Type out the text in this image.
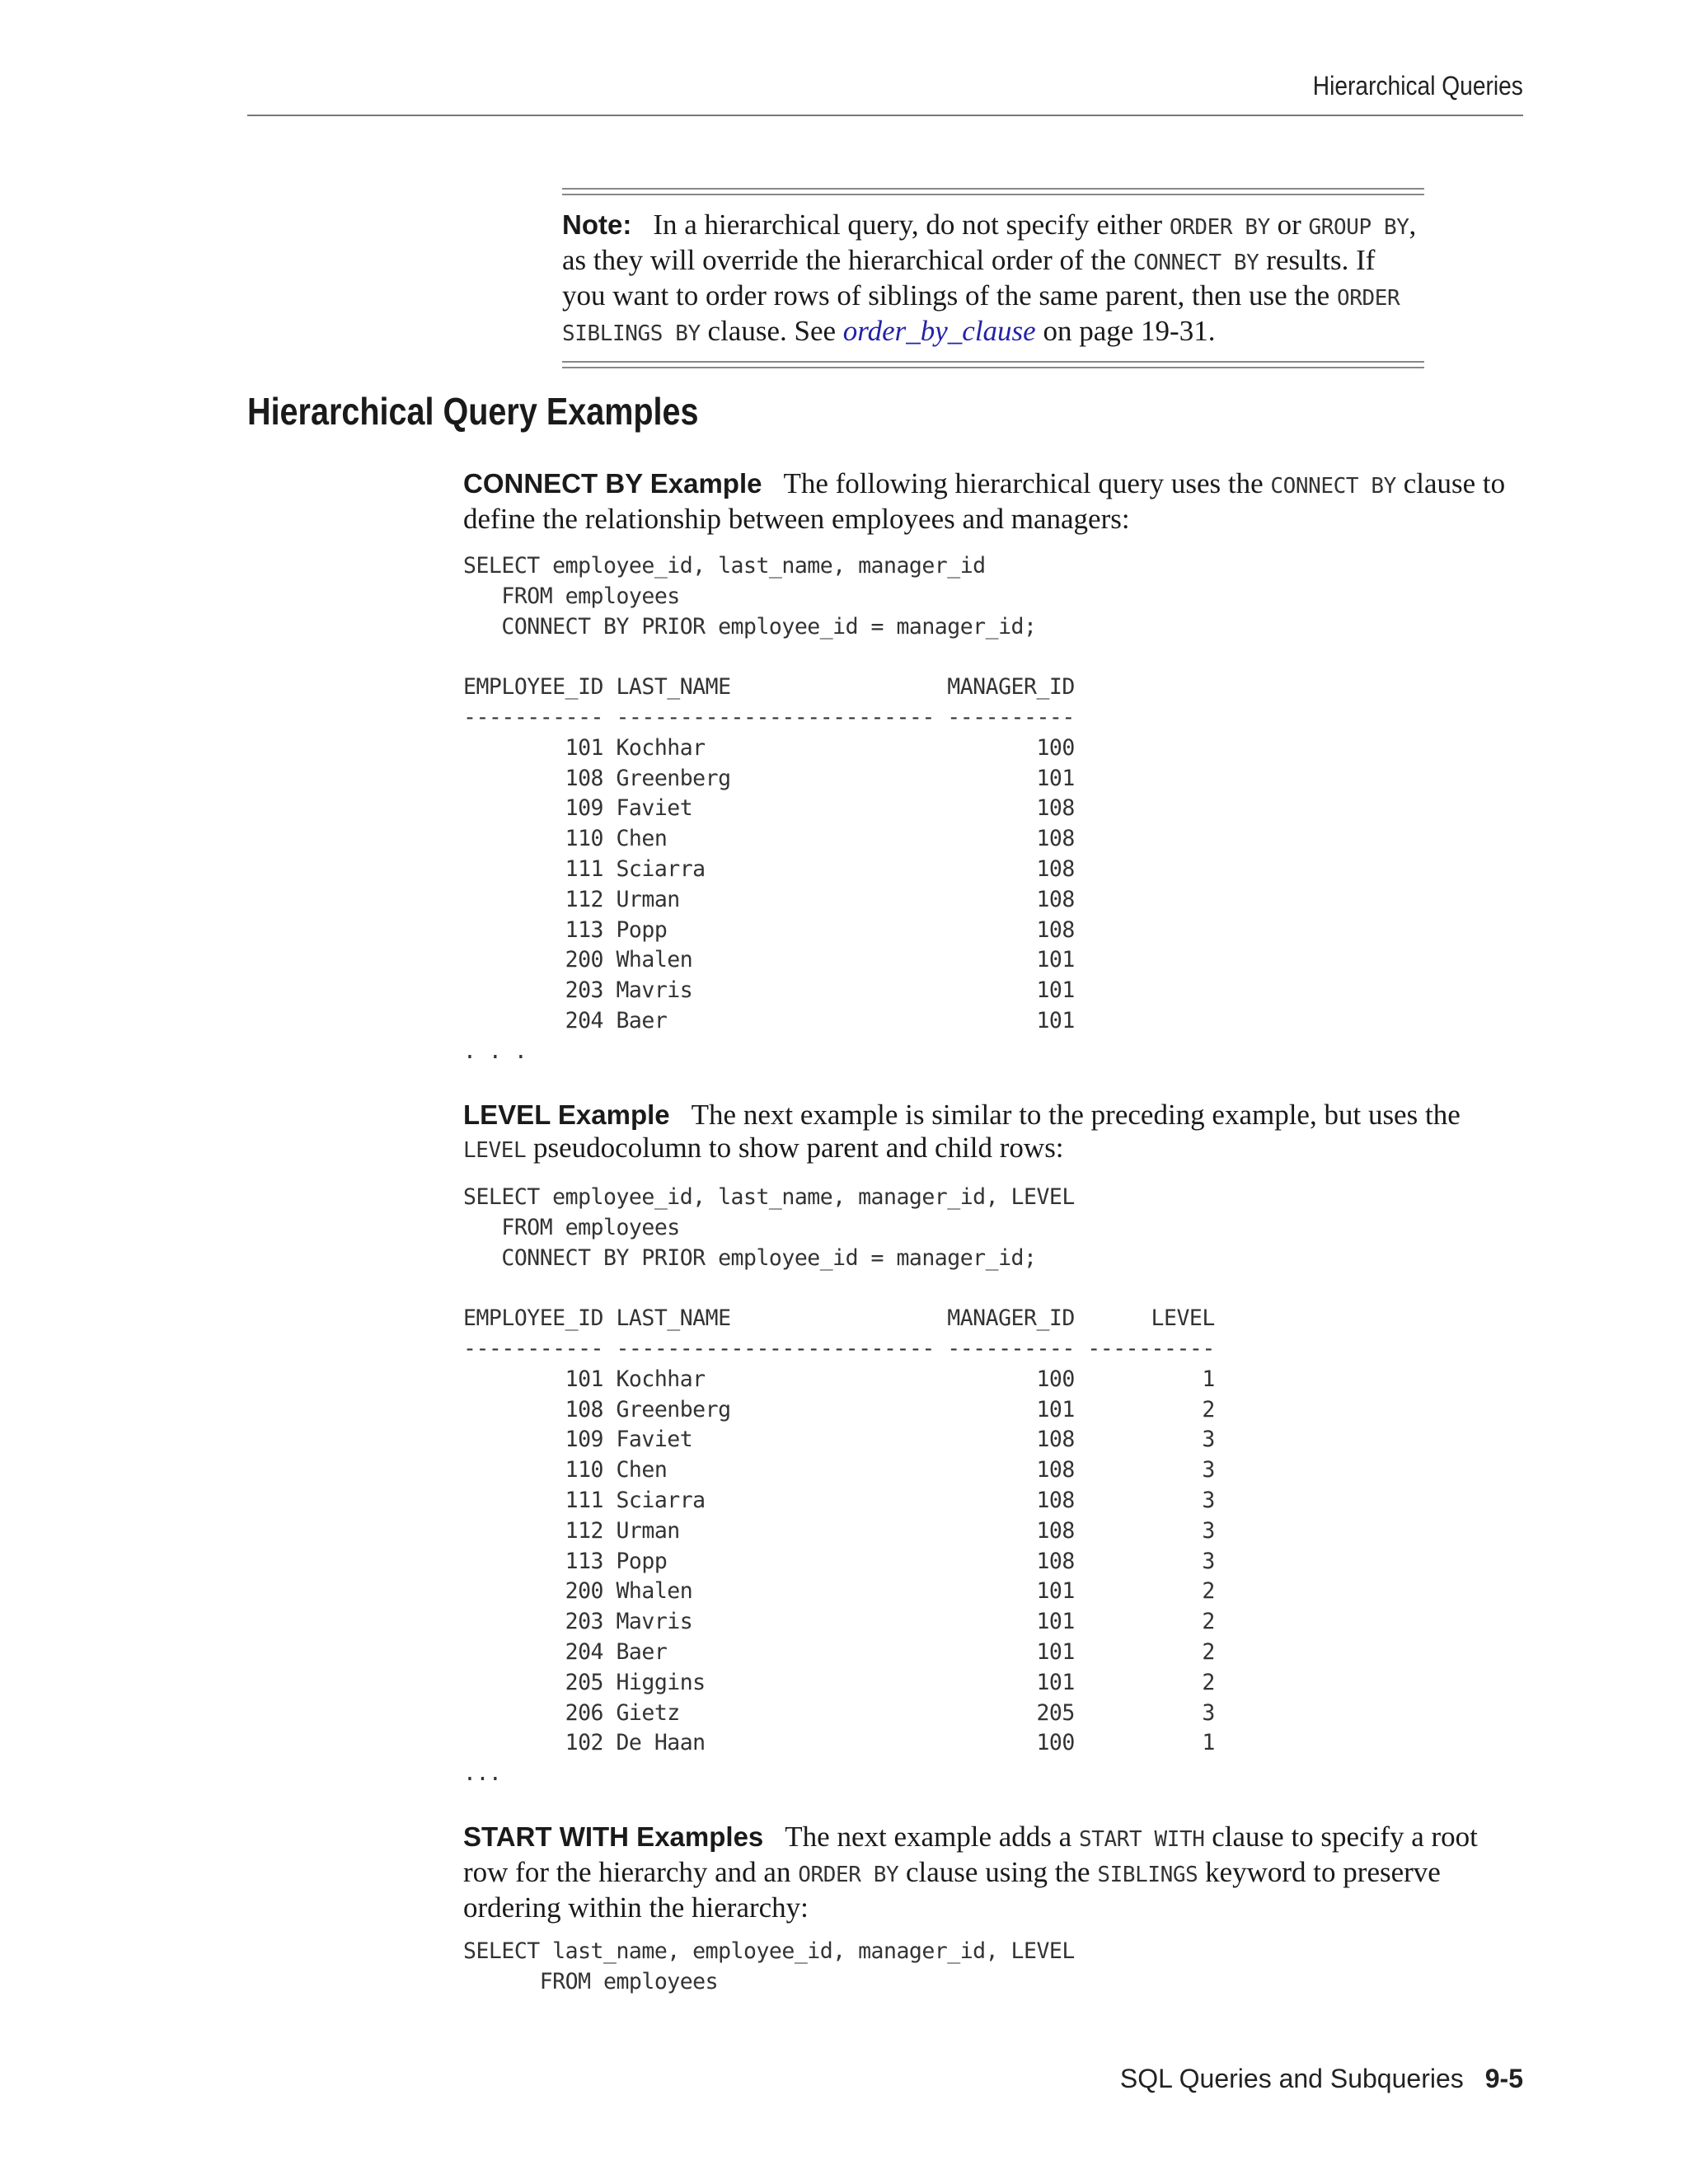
Hierarchical Queries
Note: In a hierarchical query, do not specify either ORDER BY or GROUP BY, as they will override the hierarchical order of the CONNECT BY results. If you want to order rows of siblings of the same parent, then use the ORDER SIBLINGS BY clause. See order_by_clause on page 19-31.
Hierarchical Query Examples
CONNECT BY Example The following hierarchical query uses the CONNECT BY clause to define the relationship between employees and managers:
SELECT employee_id, last_name, manager_id
FROM employees
CONNECT BY PRIOR employee_id = manager_id;

EMPLOYEE_ID LAST_NAME                 MANAGER_ID
----------- ------------------------- ----------
101 Kochhar                          100
108 Greenberg                        101
109 Faviet                           108
110 Chen                             108
111 Sciarra                          108
112 Urman                            108
113 Popp                             108
200 Whalen                           101
203 Mavris                           101
204 Baer                             101
. . .
LEVEL Example The next example is similar to the preceding example, but uses the LEVEL pseudocolumn to show parent and child rows:
SELECT employee_id, last_name, manager_id, LEVEL
FROM employees
CONNECT BY PRIOR employee_id = manager_id;

EMPLOYEE_ID LAST_NAME                 MANAGER_ID      LEVEL
----------- ------------------------- ---------- ----------
101 Kochhar                          100          1
108 Greenberg                        101          2
109 Faviet                           108          3
110 Chen                             108          3
111 Sciarra                          108          3
112 Urman                            108          3
113 Popp                             108          3
200 Whalen                           101          2
203 Mavris                           101          2
204 Baer                             101          2
205 Higgins                          101          2
206 Gietz                            205          3
102 De Haan                          100          1
...
START WITH Examples The next example adds a START WITH clause to specify a root row for the hierarchy and an ORDER BY clause using the SIBLINGS keyword to preserve ordering within the hierarchy:
SELECT last_name, employee_id, manager_id, LEVEL
FROM employees
SQL Queries and Subqueries 9-5
